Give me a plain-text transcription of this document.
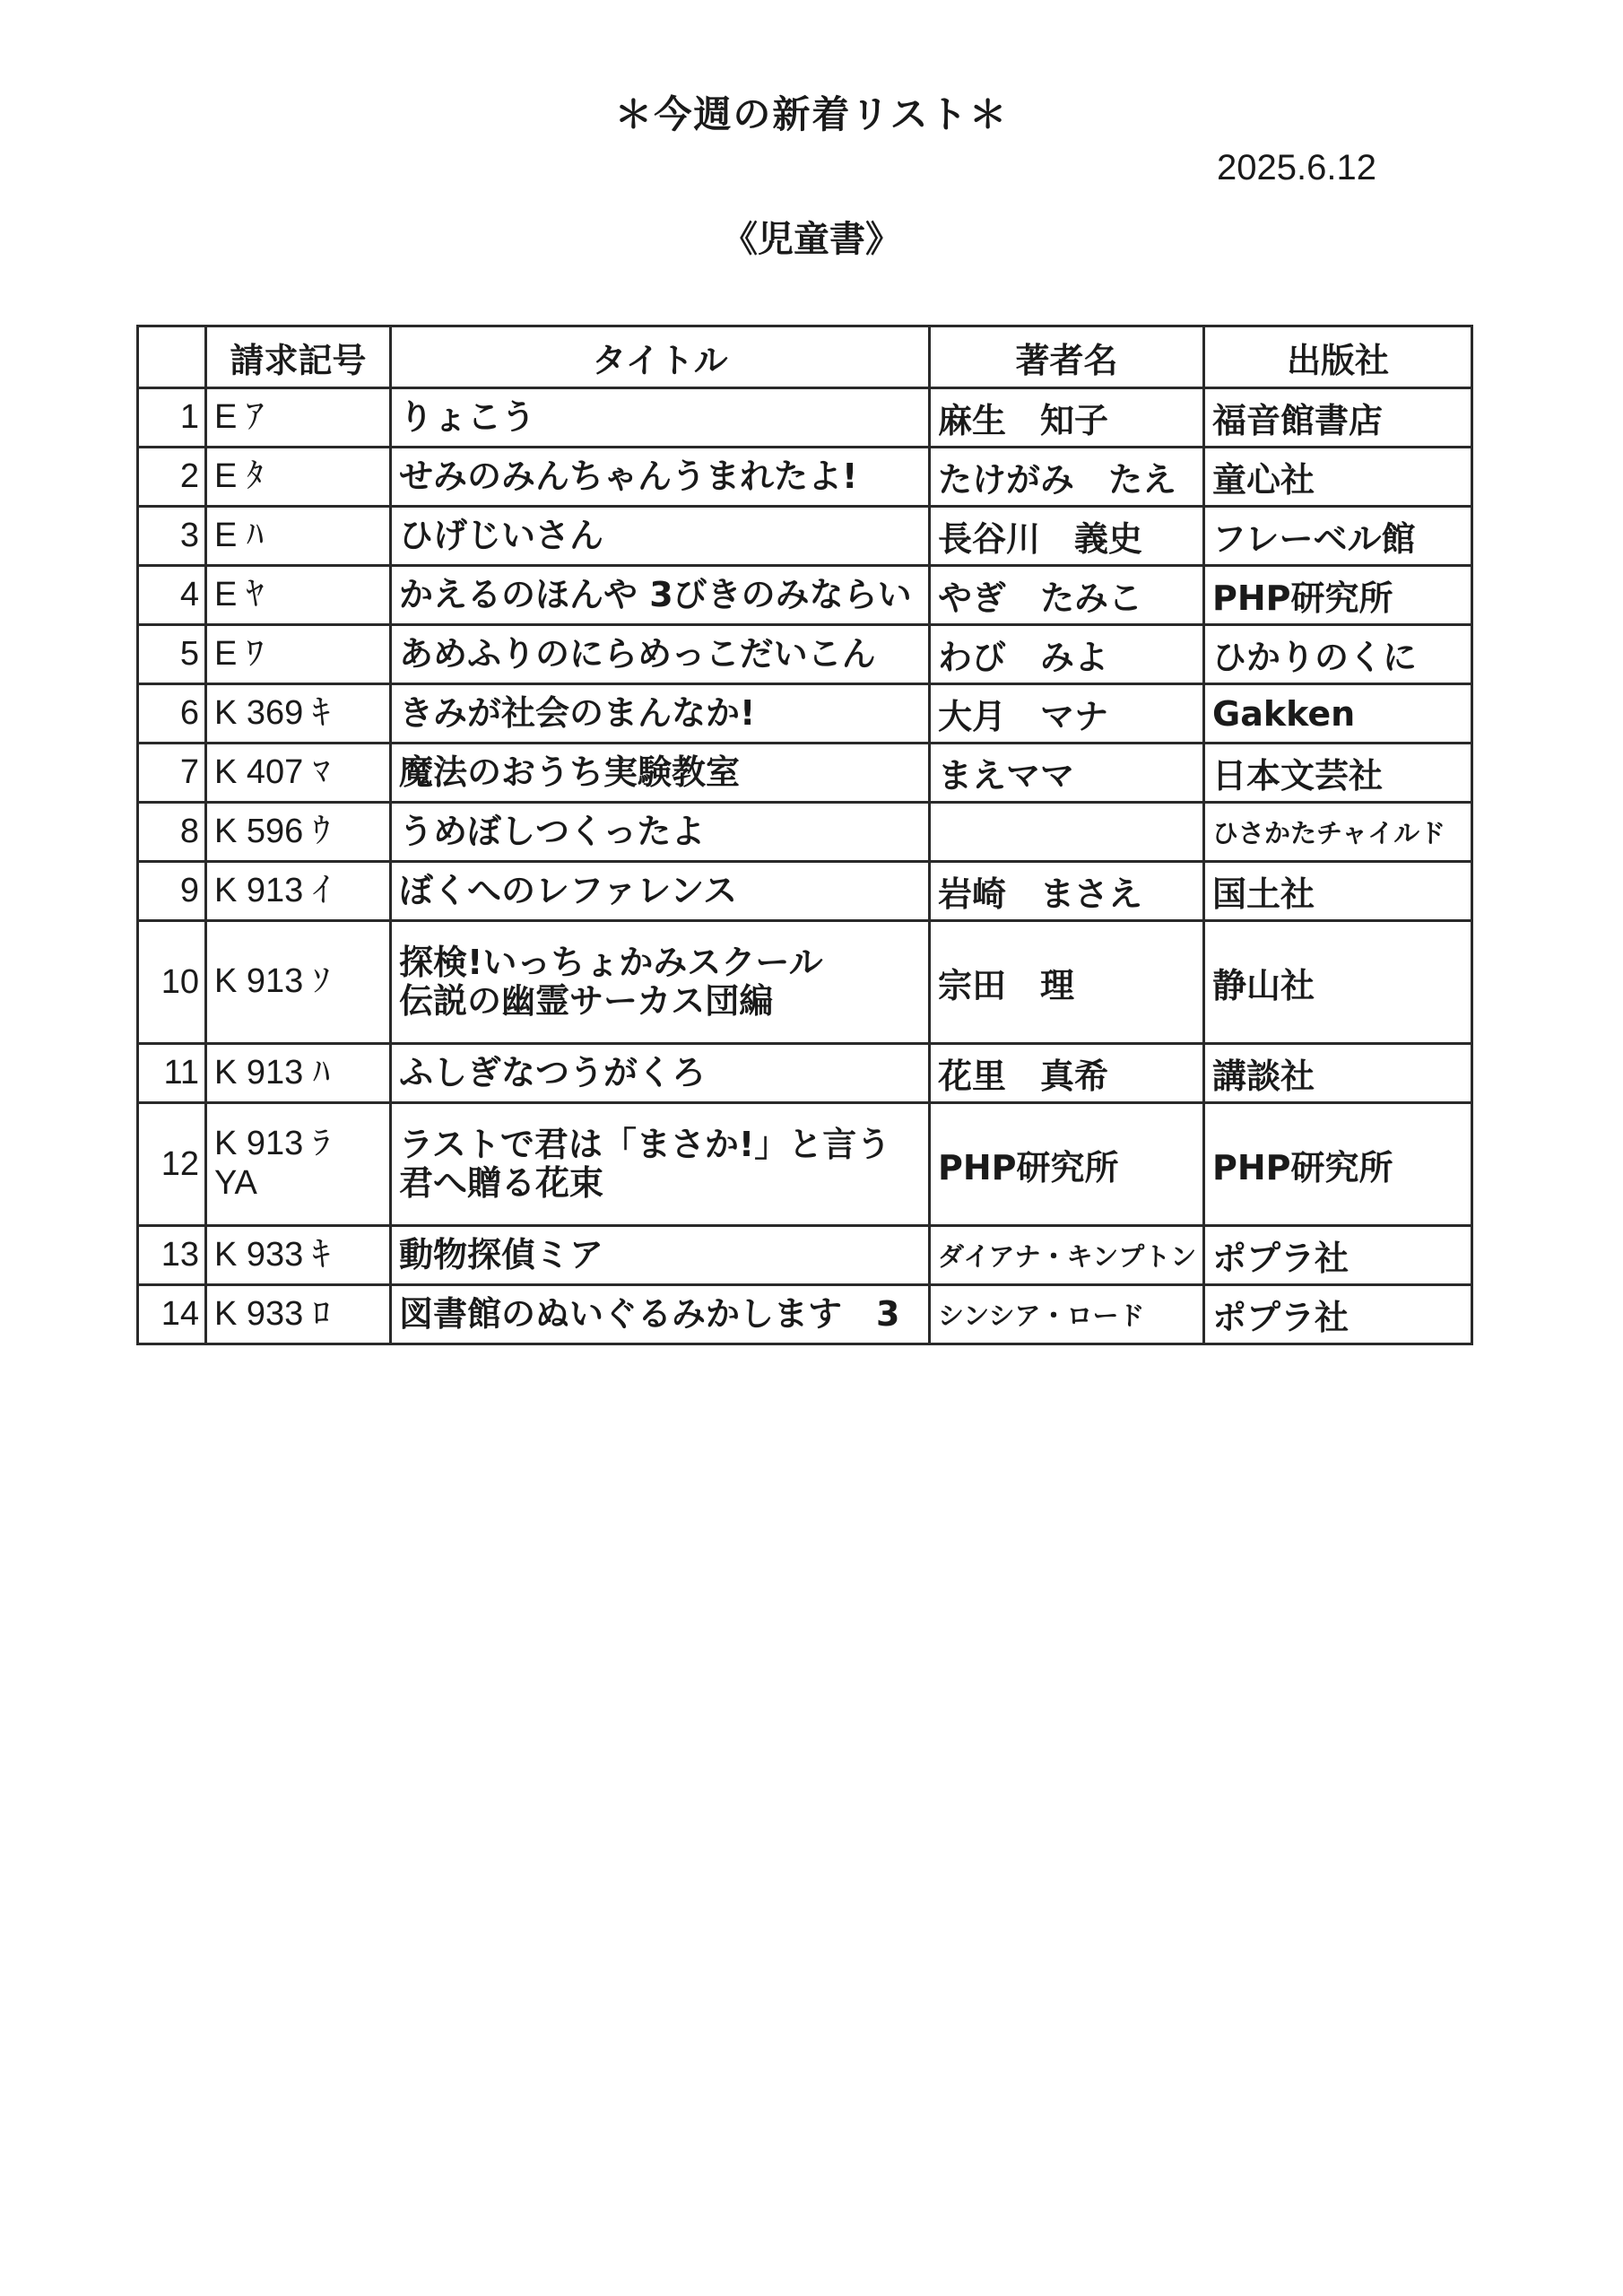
＊今週の新着リスト＊
2025.6.12
《児童書》
	請求記号	タイトル	著者名	出版社
1	E ｱ	りょこう	麻生　知子	福音館書店
2	E ﾀ	せみのみんちゃんうまれたよ!	たけがみ　たえ	童心社
3	E ﾊ	ひげじいさん	長谷川　義史	フレーベル館
4	E ﾔ	かえるのほんや 3びきのみならい	やぎ　たみこ	PHP研究所
5	E ﾜ	あめふりのにらめっこだいこん	わび　みよ	ひかりのくに
6	K 369 ｷ	きみが社会のまんなか!	大月　マナ	Gakken
7	K 407 ﾏ	魔法のおうち実験教室	まえママ	日本文芸社
8	K 596 ｳ	うめぼしつくったよ		ひさかたチャイルド
9	K 913 ｲ	ぼくへのレファレンス	岩崎　まさえ	国土社
10	K 913 ｿ	探検!いっちょかみスクール
伝説の幽霊サーカス団編	宗田　理	静山社
11	K 913 ﾊ	ふしぎなつうがくろ	花里　真希	講談社
12	K 913 ﾗ
YA	ラストで君は「まさか!」と言う
君へ贈る花束	PHP研究所	PHP研究所
13	K 933 ｷ	動物探偵ミア	ダイアナ・キンプトン	ポプラ社
14	K 933 ﾛ	図書館のぬいぐるみかします　3	シンシア・ロード	ポプラ社
